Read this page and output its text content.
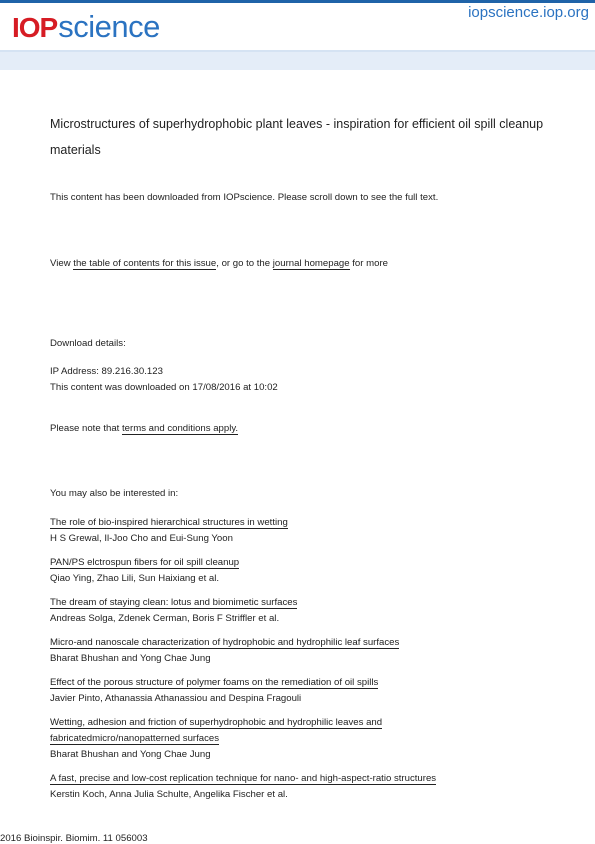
IOP science	iopscience.iop.org
Microstructures of superhydrophobic plant leaves - inspiration for efficient oil spill cleanup materials
This content has been downloaded from IOPscience. Please scroll down to see the full text.
View the table of contents for this issue, or go to the journal homepage for more
Download details:
IP Address: 89.216.30.123
This content was downloaded on 17/08/2016 at 10:02
Please note that terms and conditions apply.
You may also be interested in:
The role of bio-inspired hierarchical structures in wetting
H S Grewal, Il-Joo Cho and Eui-Sung Yoon
PAN/PS elctrospun fibers for oil spill cleanup
Qiao Ying, Zhao Lili, Sun Haixiang et al.
The dream of staying clean: lotus and biomimetic surfaces
Andreas Solga, Zdenek Cerman, Boris F Striffler et al.
Micro-and nanoscale characterization of hydrophobic and hydrophilic leaf surfaces
Bharat Bhushan and Yong Chae Jung
Effect of the porous structure of polymer foams on the remediation of oil spills
Javier Pinto, Athanassia Athanassiou and Despina Fragouli
Wetting, adhesion and friction of superhydrophobic and hydrophilic leaves and
fabricatedmicro/nanopatterned surfaces
Bharat Bhushan and Yong Chae Jung
A fast, precise and low-cost replication technique for nano- and high-aspect-ratio structures
Kerstin Koch, Anna Julia Schulte, Angelika Fischer et al.
2016 Bioinspir. Biomim. 11 056003
